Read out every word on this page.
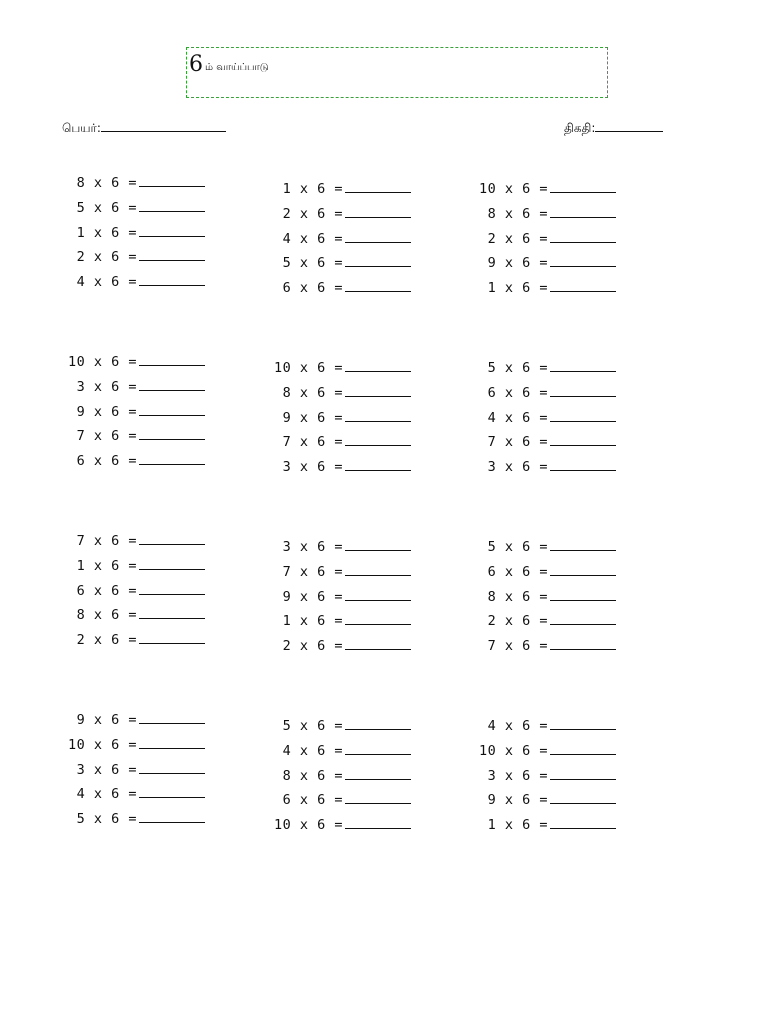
6 ம் வாய்ப்பாடு
பெயர்:	திகதி:
8 x 6 =
5 x 6 =
1 x 6 =
2 x 6 =
4 x 6 =
1 x 6 =
2 x 6 =
4 x 6 =
5 x 6 =
6 x 6 =
10 x 6 =
8 x 6 =
2 x 6 =
9 x 6 =
1 x 6 =
10 x 6 =
3 x 6 =
9 x 6 =
7 x 6 =
6 x 6 =
10 x 6 =
8 x 6 =
9 x 6 =
7 x 6 =
3 x 6 =
5 x 6 =
6 x 6 =
4 x 6 =
7 x 6 =
3 x 6 =
7 x 6 =
1 x 6 =
6 x 6 =
8 x 6 =
2 x 6 =
3 x 6 =
7 x 6 =
9 x 6 =
1 x 6 =
2 x 6 =
5 x 6 =
6 x 6 =
8 x 6 =
2 x 6 =
7 x 6 =
9 x 6 =
10 x 6 =
3 x 6 =
4 x 6 =
5 x 6 =
5 x 6 =
4 x 6 =
8 x 6 =
6 x 6 =
10 x 6 =
4 x 6 =
10 x 6 =
3 x 6 =
9 x 6 =
1 x 6 =
